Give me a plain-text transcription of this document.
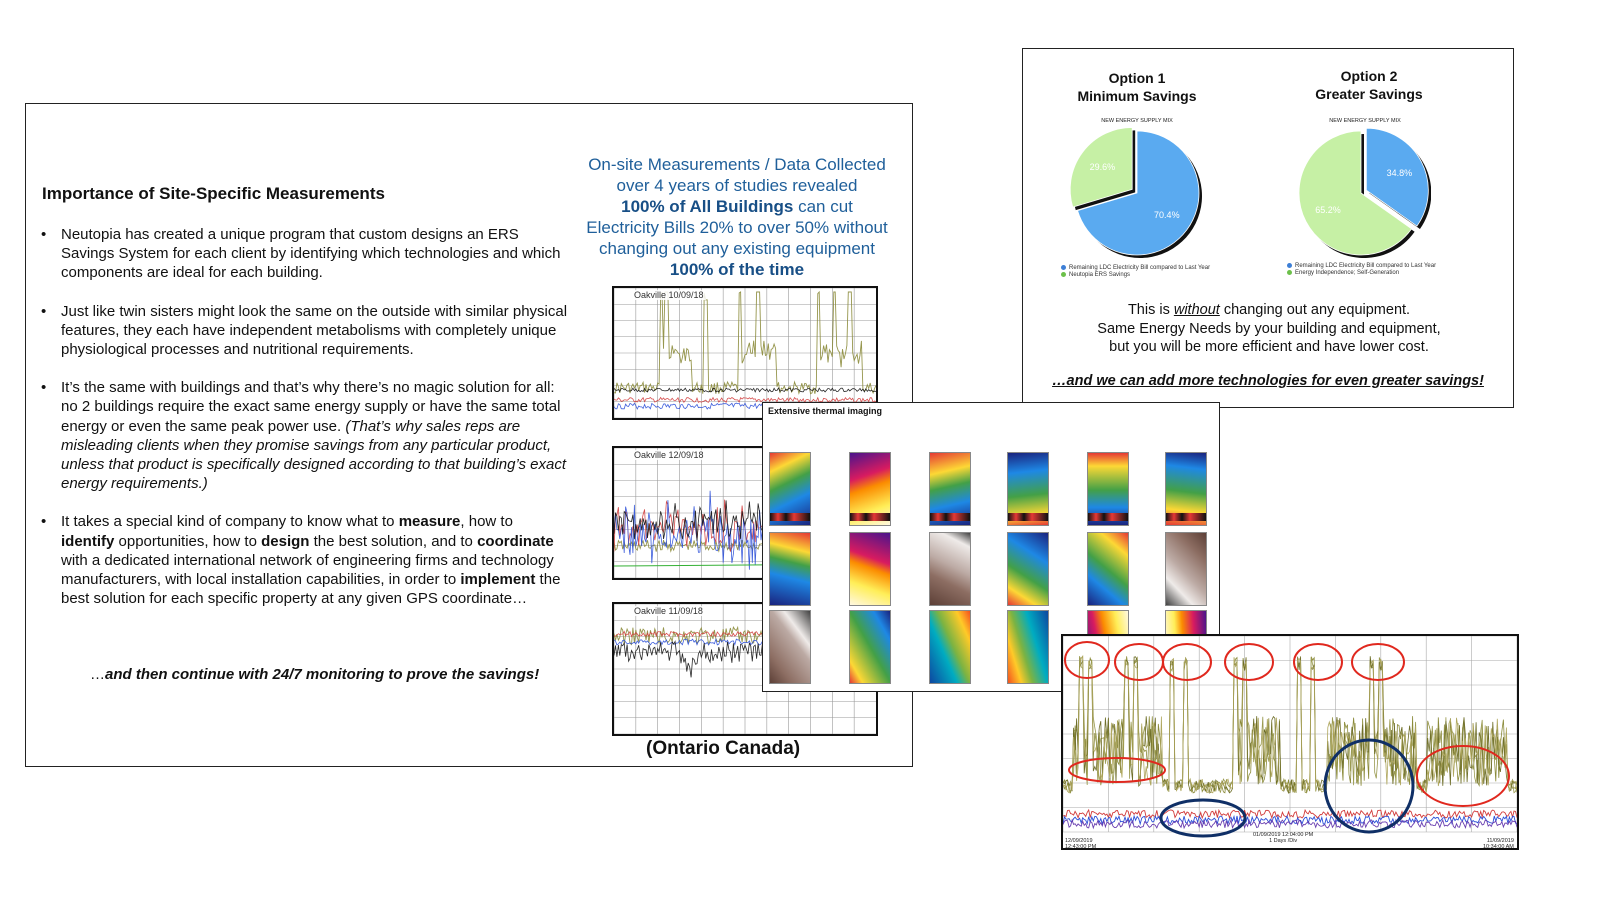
Importance of Site-Specific Measurements
• Neutopia has created a unique program that custom designs an ERS Savings System for each client by identifying which technologies and which components are ideal for each building.
• Just like twin sisters might look the same on the outside with similar physical features, they each have independent metabolisms with completely unique physiological processes and nutritional requirements.
• It’s the same with buildings and that’s why there’s no magic solution for all: no 2 buildings require the exact same energy supply or have the same total energy or even the same peak power use. (That’s why sales reps are misleading clients when they promise savings from any particular product, unless that product is specifically designed according to that building’s exact energy requirements.)
• It takes a special kind of company to know what to measure, how to identify opportunities, how to design the best solution, and to coordinate with a dedicated international network of engineering firms and technology manufacturers, with local installation capabilities, in order to implement the best solution for each specific property at any given GPS coordinate…
…and then continue with 24/7 monitoring to prove the savings!
On-site Measurements / Data Collected
over 4 years of studies revealed
100% of All Buildings can cut
Electricity Bills 20% to over 50% without
changing out any existing equipment
100% of the time
Oakville 10/09/18
Oakville 12/09/18
Oakville 11/09/18
(Ontario Canada)
Option 1
Minimum Savings
Option 2
Greater Savings
NEW ENERGY SUPPLY MIX	NEW ENERGY SUPPLY MIX
29.6%
70.4%
65.2%
34.8%
Remaining LDC Electricity Bill compared to Last Year
Neutopia ERS Savings
Remaining LDC Electricity Bill compared to Last Year
Energy Independence; Self-Generation
This is without changing out any equipment.
Same Energy Needs by your building and equipment,
but you will be more efficient and have lower cost.
…and we can add more technologies for even greater savings!
Extensive thermal imaging
12/09/2019
12:43:00 PM
01/09/2019 12:04:00 PM
1 Days /Div	11/09/2019
10:34:00 AM
